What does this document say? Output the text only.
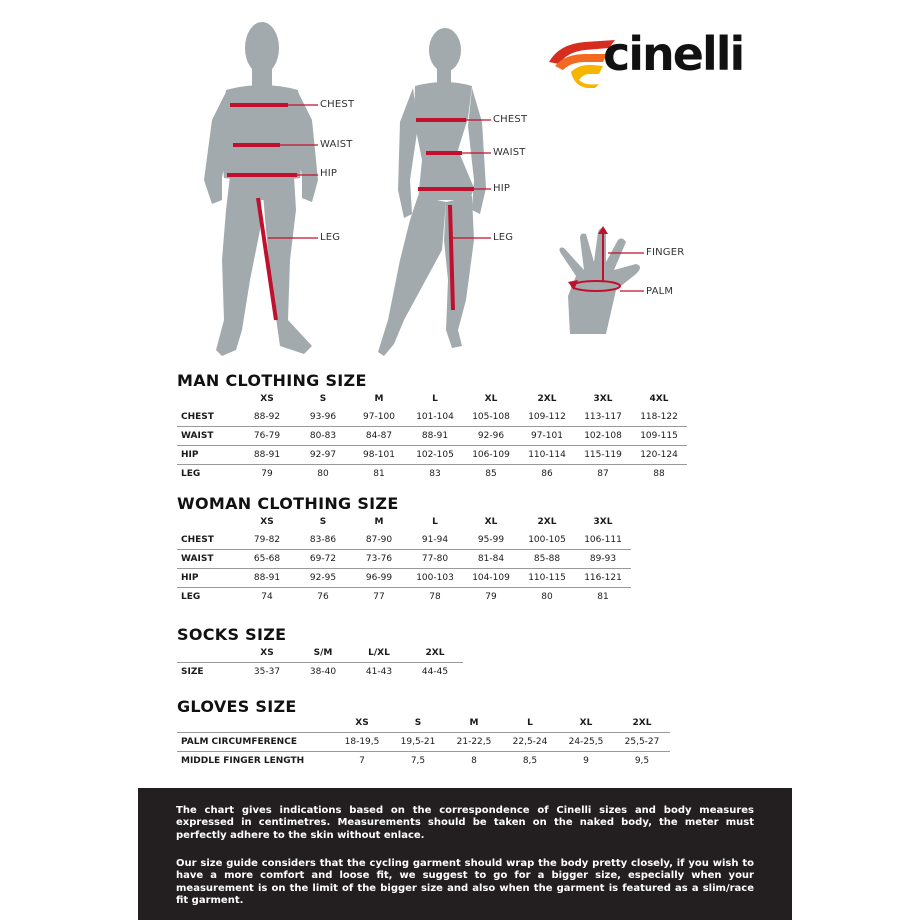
CHEST
WAIST
HIP
LEG
CHEST
WAIST
HIP
LEG
FINGER
PALM
cinelli
MAN CLOTHING SIZE
	XS	S	M	L	XL	2XL	3XL	4XL
CHEST	88-92	93-96	97-100	101-104	105-108	109-112	113-117	118-122
WAIST	76-79	80-83	84-87	88-91	92-96	97-101	102-108	109-115
HIP	88-91	92-97	98-101	102-105	106-109	110-114	115-119	120-124
LEG	79	80	81	83	85	86	87	88
WOMAN CLOTHING SIZE
	XS	S	M	L	XL	2XL	3XL
CHEST	79-82	83-86	87-90	91-94	95-99	100-105	106-111
WAIST	65-68	69-72	73-76	77-80	81-84	85-88	89-93
HIP	88-91	92-95	96-99	100-103	104-109	110-115	116-121
LEG	74	76	77	78	79	80	81
SOCKS SIZE
	XS	S/M	L/XL	2XL
SIZE	35-37	38-40	41-43	44-45
GLOVES SIZE
	XS	S	M	L	XL	2XL
PALM CIRCUMFERENCE	18-19,5	19,5-21	21-22,5	22,5-24	24-25,5	25,5-27
MIDDLE FINGER LENGTH	7	7,5	8	8,5	9	9,5

The chart gives indications based on the correspondence of Cinelli sizes and body measures expressed in centimetres. Measurements should be taken on the naked body, the meter must perfectly adhere to the skin without enlace.

Our size guide considers that the cycling garment should wrap the body pretty closely, if you wish to have a more comfort and loose fit, we suggest to go for a bigger size, especially when your measurement is on the limit of the bigger size and also when the garment is featured as a slim/race fit garment.
